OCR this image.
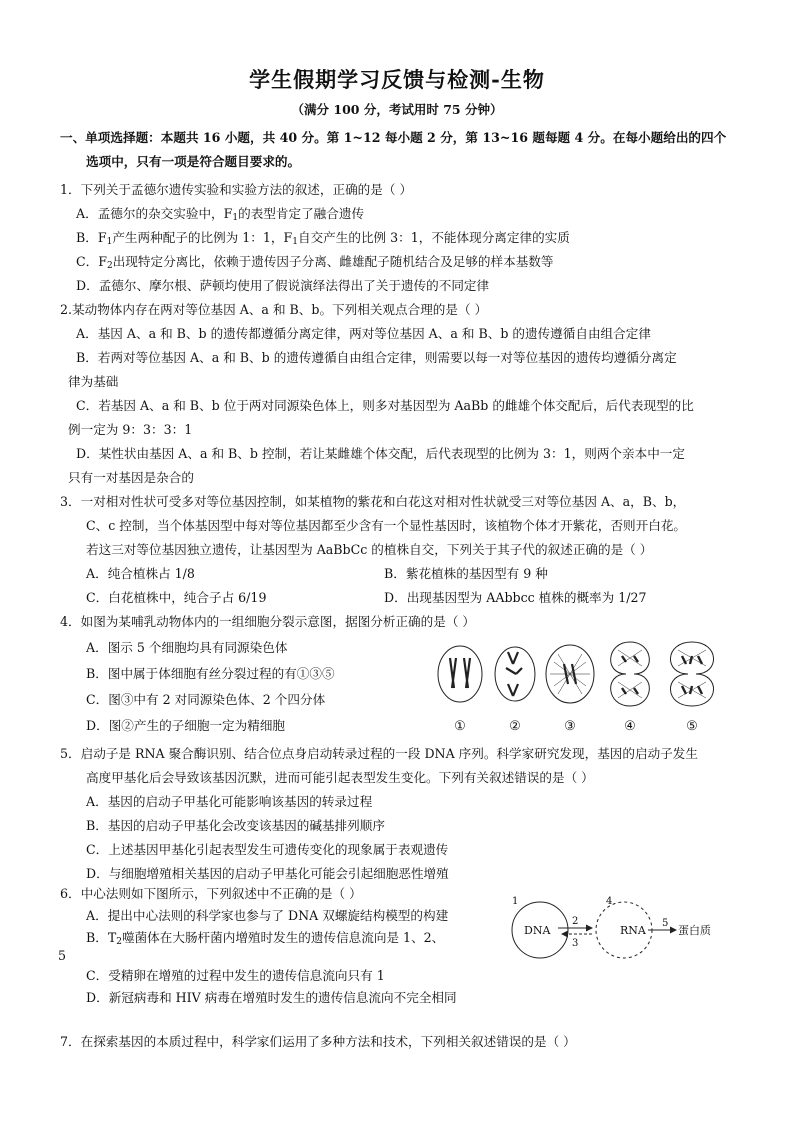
学生假期学习反馈与检测-生物
（满分 100 分，考试用时 75 分钟）
一、单项选择题：本题共 16 小题，共 40 分。第 1~12 每小题 2 分，第 13~16 题每题 4 分。在每小题给出的四个
选项中，只有一项是符合题目要求的。
1．下列关于孟德尔遗传实验和实验方法的叙述，正确的是（ ）
A．孟德尔的杂交实验中，$F_1$的表型肯定了融合遗传
B．$F_1$产生两种配子的比例为 1：1，$F_1$自交产生的比例 3：1，不能体现分离定律的实质
C．$F_2$出现特定分离比，依赖于遗传因子分离、雌雄配子随机结合及足够的样本基数等
D．孟德尔、摩尔根、萨顿均使用了假说演绎法得出了关于遗传的不同定律
2.某动物体内存在两对等位基因 A、a 和 B、b。下列相关观点合理的是（ ）
A．基因 A、a 和 B、b 的遗传都遵循分离定律，两对等位基因 A、a 和 B、b 的遗传遵循自由组合定律
B．若两对等位基因 A、a 和 B、b 的遗传遵循自由组合定律，则需要以每一对等位基因的遗传均遵循分离定
律为基础
C．若基因 A、a 和 B、b 位于两对同源染色体上，则多对基因型为 AaBb 的雌雄个体交配后，后代表现型的比
例一定为 9：3：3：1
D．某性状由基因 A、a 和 B、b 控制，若让某雌雄个体交配，后代表现型的比例为 3：1，则两个亲本中一定
只有一对基因是杂合的
3．一对相对性状可受多对等位基因控制，如某植物的紫花和白花这对相对性状就受三对等位基因 A、a，B、b，
C、c 控制，当个体基因型中每对等位基因都至少含有一个显性基因时，该植物个体才开紫花，否则开白花。
若这三对等位基因独立遗传，让基因型为 AaBbCc 的植株自交，下列关于其子代的叙述正确的是（ ）
A．纯合植株占 1/8	B．紫花植株的基因型有 9 种
C．白花植株中，纯合子占 6/19	D．出现基因型为 AAbbcc 植株的概率为 1/27
4．如图为某哺乳动物体内的一组细胞分裂示意图，据图分析正确的是（ ）
A．图示 5 个细胞均具有同源染色体
B．图中属于体细胞有丝分裂过程的有①③⑤
C．图③中有 2 对同源染色体、2 个四分体
D．图②产生的子细胞一定为精细胞	①	②	③	④	⑤
5．启动子是 RNA 聚合酶识别、结合位点身启动转录过程的一段 DNA 序列。科学家研究发现，基因的启动子发生
高度甲基化后会导致该基因沉默，进而可能引起表型发生变化。下列有关叙述错误的是（ ）
A．基因的启动子甲基化可能影响该基因的转录过程
B．基因的启动子甲基化会改变该基因的碱基排列顺序
C．上述基因甲基化引起表型发生可遗传变化的现象属于表观遗传
D．与细胞增殖相关基因的启动子甲基化可能会引起细胞恶性增殖
6．中心法则如下图所示，下列叙述中不正确的是（ ）
A．提出中心法则的科学家也参与了 DNA 双螺旋结构模型的构建
B．$T_2$噬菌体在大肠杆菌内增殖时发生的遗传信息流向是 1、2、
5
C．受精卵在增殖的过程中发生的遗传信息流向只有 1
D．新冠病毒和 HIV 病毒在增殖时发生的遗传信息流向不完全相同
DNA	RNA	蛋白质
1
2
3
4
5
7．在探索基因的本质过程中，科学家们运用了多种方法和技术，下列相关叙述错误的是（ ）
